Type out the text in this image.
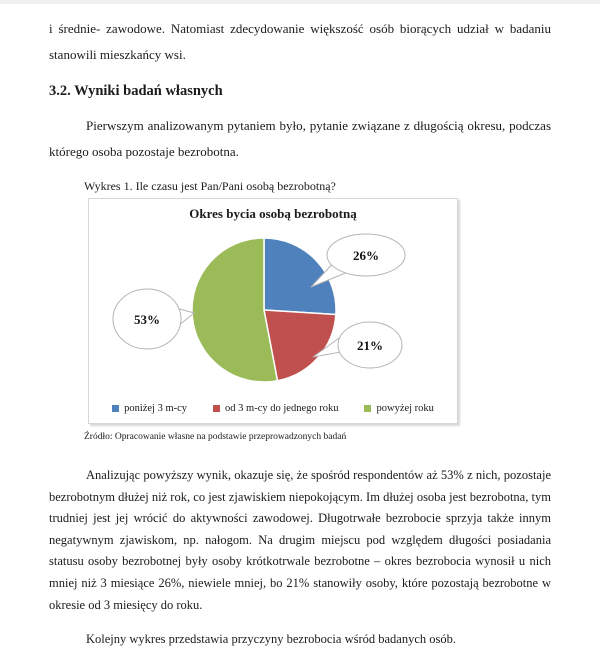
i średnie- zawodowe. Natomiast zdecydowanie większość osób biorących udział w badaniu stanowili mieszkańcy wsi.

3.2. Wyniki badań własnych

Pierwszym analizowanym pytaniem było, pytanie związane z długością okresu, podczas którego osoba pozostaje bezrobotna.

Wykres 1. Ile czasu jest Pan/Pani osobą bezrobotną?
26%
21%
53%
Okres bycia osobą bezrobotną
poniżej 3 m-cy	od 3 m-cy do jednego roku	powyżej roku
Źródło: Opracowanie własne na podstawie przeprowadzonych badań

Analizując powyższy wynik, okazuje się, że spośród respondentów aż 53% z nich, pozostaje bezrobotnym dłużej niż rok, co jest zjawiskiem niepokojącym. Im dłużej osoba jest bezrobotna, tym trudniej jest jej wrócić do aktywności zawodowej. Długotrwałe bezrobocie sprzyja także innym negatywnym zjawiskom, np. nałogom. Na drugim miejscu pod względem długości posiadania statusu osoby bezrobotnej były osoby krótkotrwale bezrobotne – okres bezrobocia wynosił u nich mniej niż 3 miesiące 26%, niewiele mniej, bo 21% stanowiły osoby, które pozostają bezrobotne w okresie od 3 miesięcy do roku.

Kolejny wykres przedstawia przyczyny bezrobocia wśród badanych osób.
